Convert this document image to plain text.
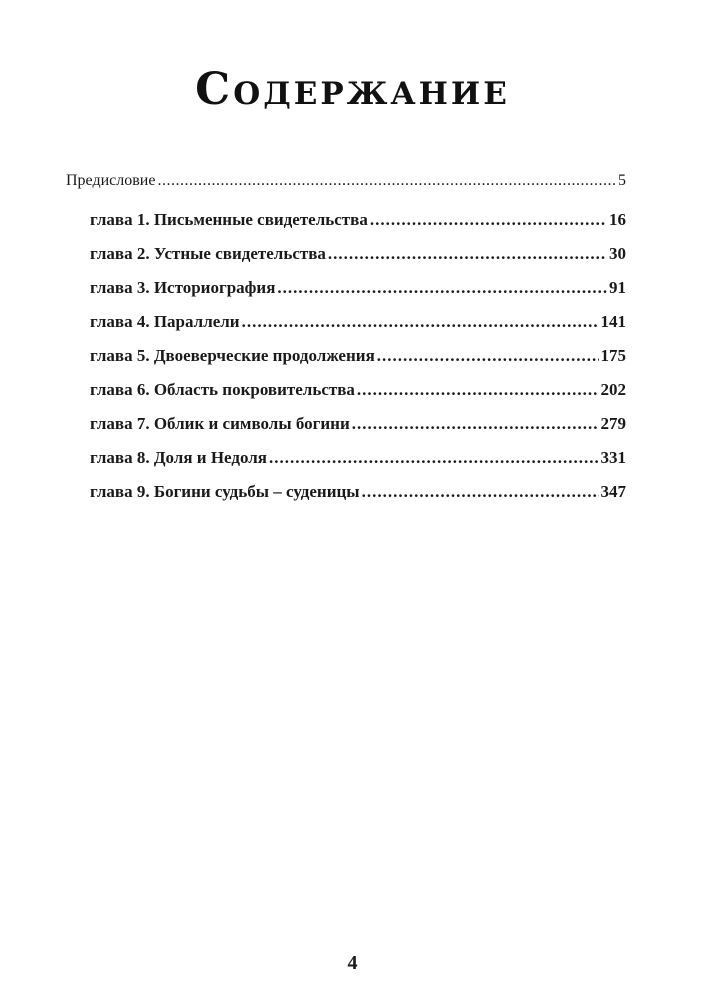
Содержание
Предисловие .....	5
глава 1. Письменные свидетельства .....	16
глава 2. Устные свидетельства .....	30
глава 3. Историография .....	91
глава 4. Параллели .....	141
глава 5. Двоеверческие продолжения .....	175
глава 6. Область покровительства .....	202
глава 7. Облик и символы богини .....	279
глава 8. Доля и Недоля .....	331
глава 9. Богини судьбы – суденицы .....	347
4
